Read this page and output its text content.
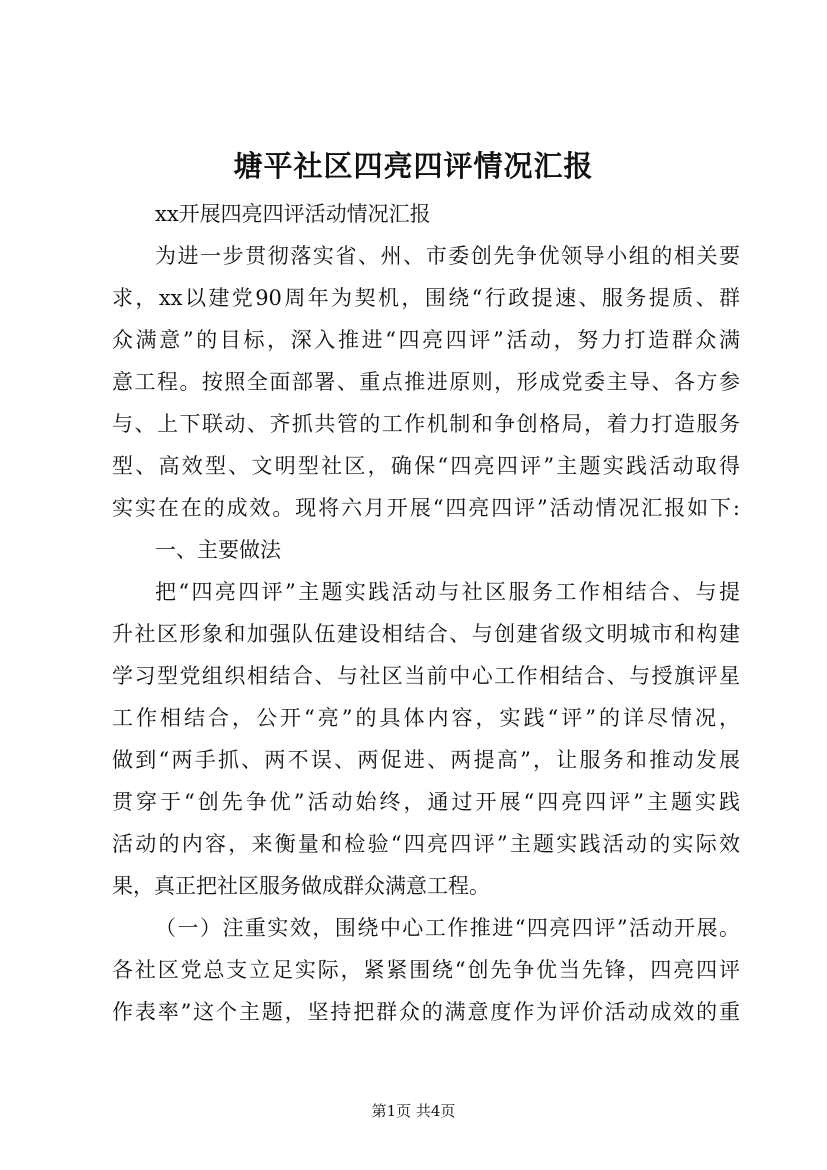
塘平社区四亮四评情况汇报
xx开展四亮四评活动情况汇报
为进一步贯彻落实省、州、市委创先争优领导小组的相关要
求，xx以建党90周年为契机，围绕“行政提速、服务提质、群
众满意”的目标，深入推进“四亮四评”活动，努力打造群众满
意工程。按照全面部署、重点推进原则，形成党委主导、各方参
与、上下联动、齐抓共管的工作机制和争创格局，着力打造服务
型、高效型、文明型社区，确保“四亮四评”主题实践活动取得
实实在在的成效。现将六月开展“四亮四评”活动情况汇报如下:
一、主要做法
把“四亮四评”主题实践活动与社区服务工作相结合、与提
升社区形象和加强队伍建设相结合、与创建省级文明城市和构建
学习型党组织相结合、与社区当前中心工作相结合、与授旗评星
工作相结合，公开“亮”的具体内容，实践“评”的详尽情况，
做到“两手抓、两不误、两促进、两提高”，让服务和推动发展
贯穿于“创先争优”活动始终，通过开展“四亮四评”主题实践
活动的内容，来衡量和检验“四亮四评”主题实践活动的实际效
果，真正把社区服务做成群众满意工程。
（一）注重实效，围绕中心工作推进“四亮四评”活动开展。
各社区党总支立足实际，紧紧围绕“创先争优当先锋，四亮四评
作表率”这个主题，坚持把群众的满意度作为评价活动成效的重
第1页 共4页
